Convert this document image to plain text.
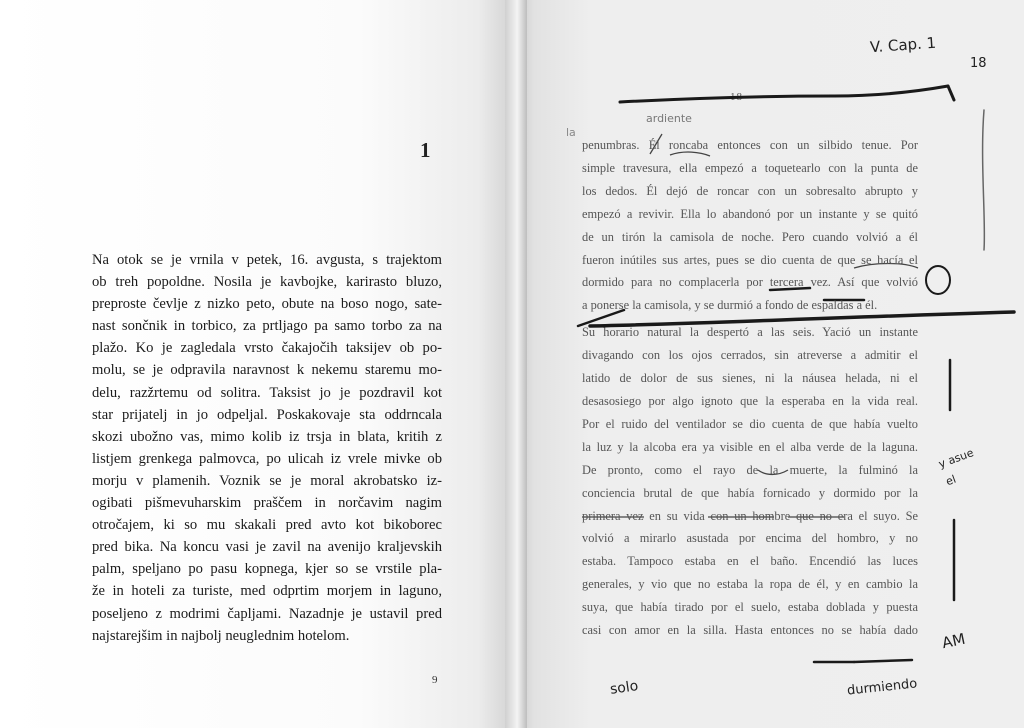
1

Na otok se je vrnila v petek, 16. avgusta, s trajektom
ob treh popoldne. Nosila je kavbojke, karirasto bluzo,
preproste čevlje z nizko peto, obute na boso nogo, sate-
nast sončnik in torbico, za prtljago pa samo torbo za na
plažo. Ko je zagledala vrsto čakajočih taksijev ob po-
molu, se je odpravila naravnost k nekemu staremu mo-
delu, razžrtemu od solitra. Taksist jo je pozdravil kot
star prijatelj in jo odpeljal. Poskakovaje sta oddrncala
skozi ubožno vas, mimo kolib iz trsja in blata, kritih z
listjem grenkega palmovca, po ulicah iz vrele mivke ob
morju v plamenih. Voznik se je moral akrobatsko iz-
ogibati pišmevuharskim praščem in norčavim nagim
otročajem, ki so mu skakali pred avto kot bikoborec
pred bika. Na koncu vasi je zavil na avenijo kraljevskih
palm, speljano po pasu kopnega, kjer so se vrstile pla-
že in hoteli za turiste, med odprtim morjem in laguno,
poseljeno z modrimi čapljami. Nazadnje je ustavil pred
najstarejšim in najbolj neuglednim hotelom.

9
18

penumbras. Él roncaba entonces con un silbido tenue. Por
simple travesura, ella empezó a toquetearlo con la punta de
los dedos. Él dejó de roncar con un sobresalto abrupto y
empezó a revivir. Ella lo abandonó por un instante y se quitó
de un tirón la camisola de noche. Pero cuando volvió a él
fueron inútiles sus artes, pues se dio cuenta de que se hacía el
dormido para no complacerla por tercera vez. Así que volvió
a ponerse la camisola, y se durmió a fondo de espaldas a él.
Su horario natural la despertó a las seis. Yació un instante
divagando con los ojos cerrados, sin atreverse a admitir el
latido de dolor de sus sienes, ni la náusea helada, ni el
desasosiego por algo ignoto que la esperaba en la vida real.
Por el ruido del ventilador se dio cuenta de que había vuelto
la luz y la alcoba era ya visible en el alba verde de la laguna.
De pronto, como el rayo de la muerte, la fulminó la
conciencia brutal de que había fornicado y dormido por la
primera vez en su vida con un hombre que no era el suyo. Se
volvió a mirarlo asustada por encima del hombro, y no
estaba. Tampoco estaba en el baño. Encendió las luces
generales, y vio que no estaba la ropa de él, y en cambio la
suya, que había tirado por el suelo, estaba doblada y puesta
casi con amor en la silla. Hasta entonces no se había dado

V. Cap. 1
18
ardiente
la
y asue
el
solo	durmiendo
AM
